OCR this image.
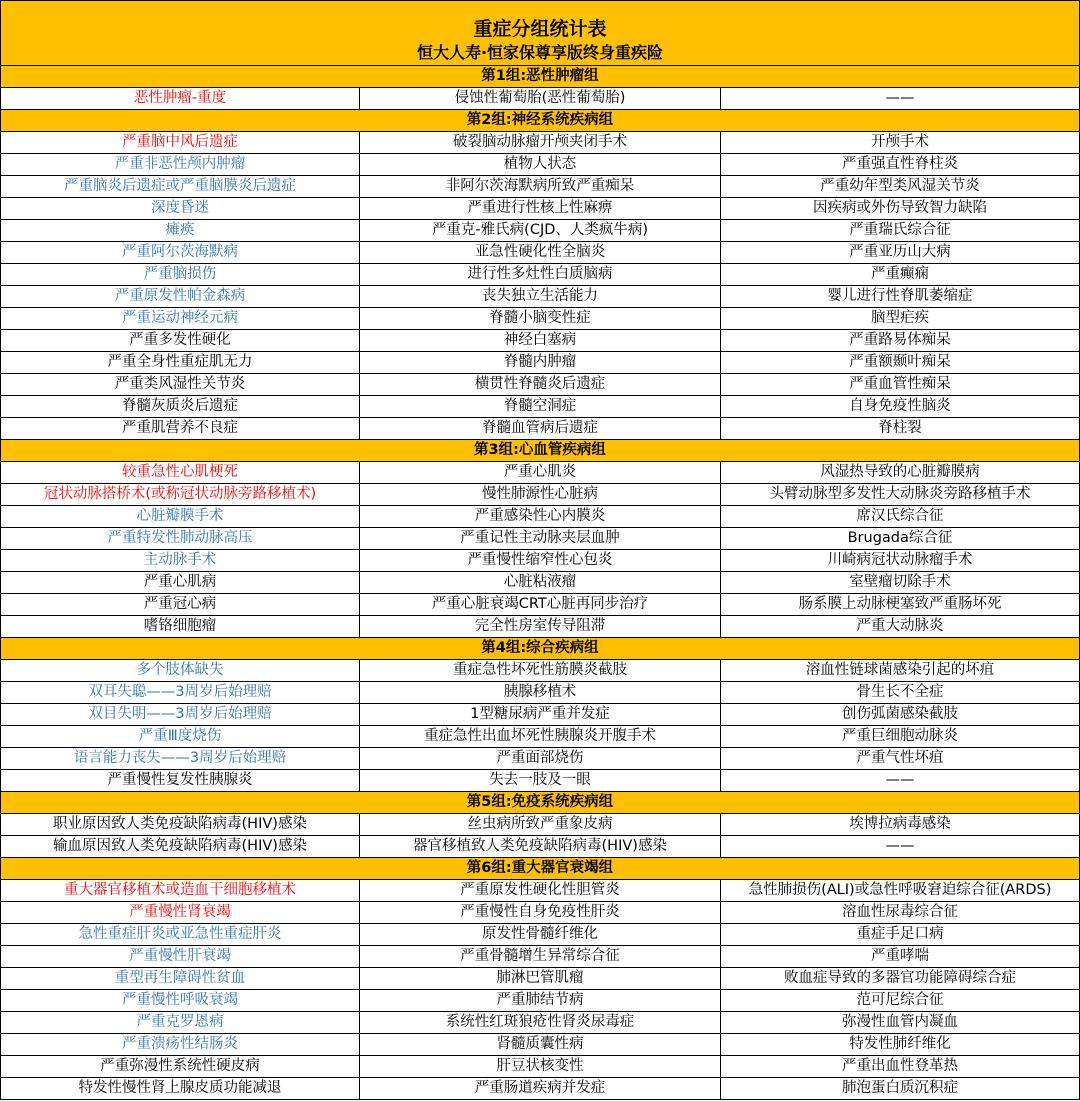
重症分组统计表
恒大人寿·恒家保尊享版终身重疾险
第1组:恶性肿瘤组
恶性肿瘤-重度	侵蚀性葡萄胎(恶性葡萄胎)	——
第2组:神经系统疾病组
严重脑中风后遗症	破裂脑动脉瘤开颅夹闭手术	开颅手术
严重非恶性颅内肿瘤	植物人状态	严重强直性脊柱炎
严重脑炎后遗症或严重脑膜炎后遗症	非阿尔茨海默病所致严重痴呆	严重幼年型类风湿关节炎
深度昏迷	严重进行性核上性麻痹	因疾病或外伤导致智力缺陷
瘫痪	严重克-雅氏病(CJD、人类疯牛病)	严重瑞氏综合征
严重阿尔茨海默病	亚急性硬化性全脑炎	严重亚历山大病
严重脑损伤	进行性多灶性白质脑病	严重癫痫
严重原发性帕金森病	丧失独立生活能力	婴儿进行性脊肌萎缩症
严重运动神经元病	脊髓小脑变性症	脑型疟疾
严重多发性硬化	神经白塞病	严重路易体痴呆
严重全身性重症肌无力	脊髓内肿瘤	严重额颞叶痴呆
严重类风湿性关节炎	横贯性脊髓炎后遗症	严重血管性痴呆
脊髓灰质炎后遗症	脊髓空洞症	自身免疫性脑炎
严重肌营养不良症	脊髓血管病后遗症	脊柱裂
第3组:心血管疾病组
较重急性心肌梗死	严重心肌炎	风湿热导致的心脏瓣膜病
冠状动脉搭桥术(或称冠状动脉旁路移植术)	慢性肺源性心脏病	头臂动脉型多发性大动脉炎旁路移植手术
心脏瓣膜手术	严重感染性心内膜炎	席汉氏综合征
严重特发性肺动脉高压	严重记性主动脉夹层血肿	Brugada综合征
主动脉手术	严重慢性缩窄性心包炎	川崎病冠状动脉瘤手术
严重心肌病	心脏粘液瘤	室壁瘤切除手术
严重冠心病	严重心脏衰竭CRT心脏再同步治疗	肠系膜上动脉梗塞致严重肠坏死
嗜铬细胞瘤	完全性房室传导阻滞	严重大动脉炎
第4组:综合疾病组
多个肢体缺失	重症急性坏死性筋膜炎截肢	溶血性链球菌感染引起的坏疽
双耳失聪——3周岁后始理赔	胰腺移植术	骨生长不全症
双目失明——3周岁后始理赔	1型糖尿病严重并发症	创伤弧菌感染截肢
严重Ⅲ度烧伤	重症急性出血坏死性胰腺炎开腹手术	严重巨细胞动脉炎
语言能力丧失——3周岁后始理赔	严重面部烧伤	严重气性坏疽
严重慢性复发性胰腺炎	失去一肢及一眼	——
第5组:免疫系统疾病组
职业原因致人类免疫缺陷病毒(HIV)感染	丝虫病所致严重象皮病	埃博拉病毒感染
输血原因致人类免疫缺陷病毒(HIV)感染	器官移植致人类免疫缺陷病毒(HIV)感染	——
第6组:重大器官衰竭组
重大器官移植术或造血干细胞移植术	严重原发性硬化性胆管炎	急性肺损伤(ALI)或急性呼吸窘迫综合征(ARDS)
严重慢性肾衰竭	严重慢性自身免疫性肝炎	溶血性尿毒综合征
急性重症肝炎或亚急性重症肝炎	原发性骨髓纤维化	重症手足口病
严重慢性肝衰竭	严重骨髓增生异常综合征	严重哮喘
重型再生障碍性贫血	肺淋巴管肌瘤	败血症导致的多器官功能障碍综合症
严重慢性呼吸衰竭	严重肺结节病	范可尼综合征
严重克罗恩病	系统性红斑狼疮性肾炎尿毒症	弥漫性血管内凝血
严重溃疡性结肠炎	肾髓质囊性病	特发性肺纤维化
严重弥漫性系统性硬皮病	肝豆状核变性	严重出血性登革热
特发性慢性肾上腺皮质功能减退	严重肠道疾病并发症	肺泡蛋白质沉积症
